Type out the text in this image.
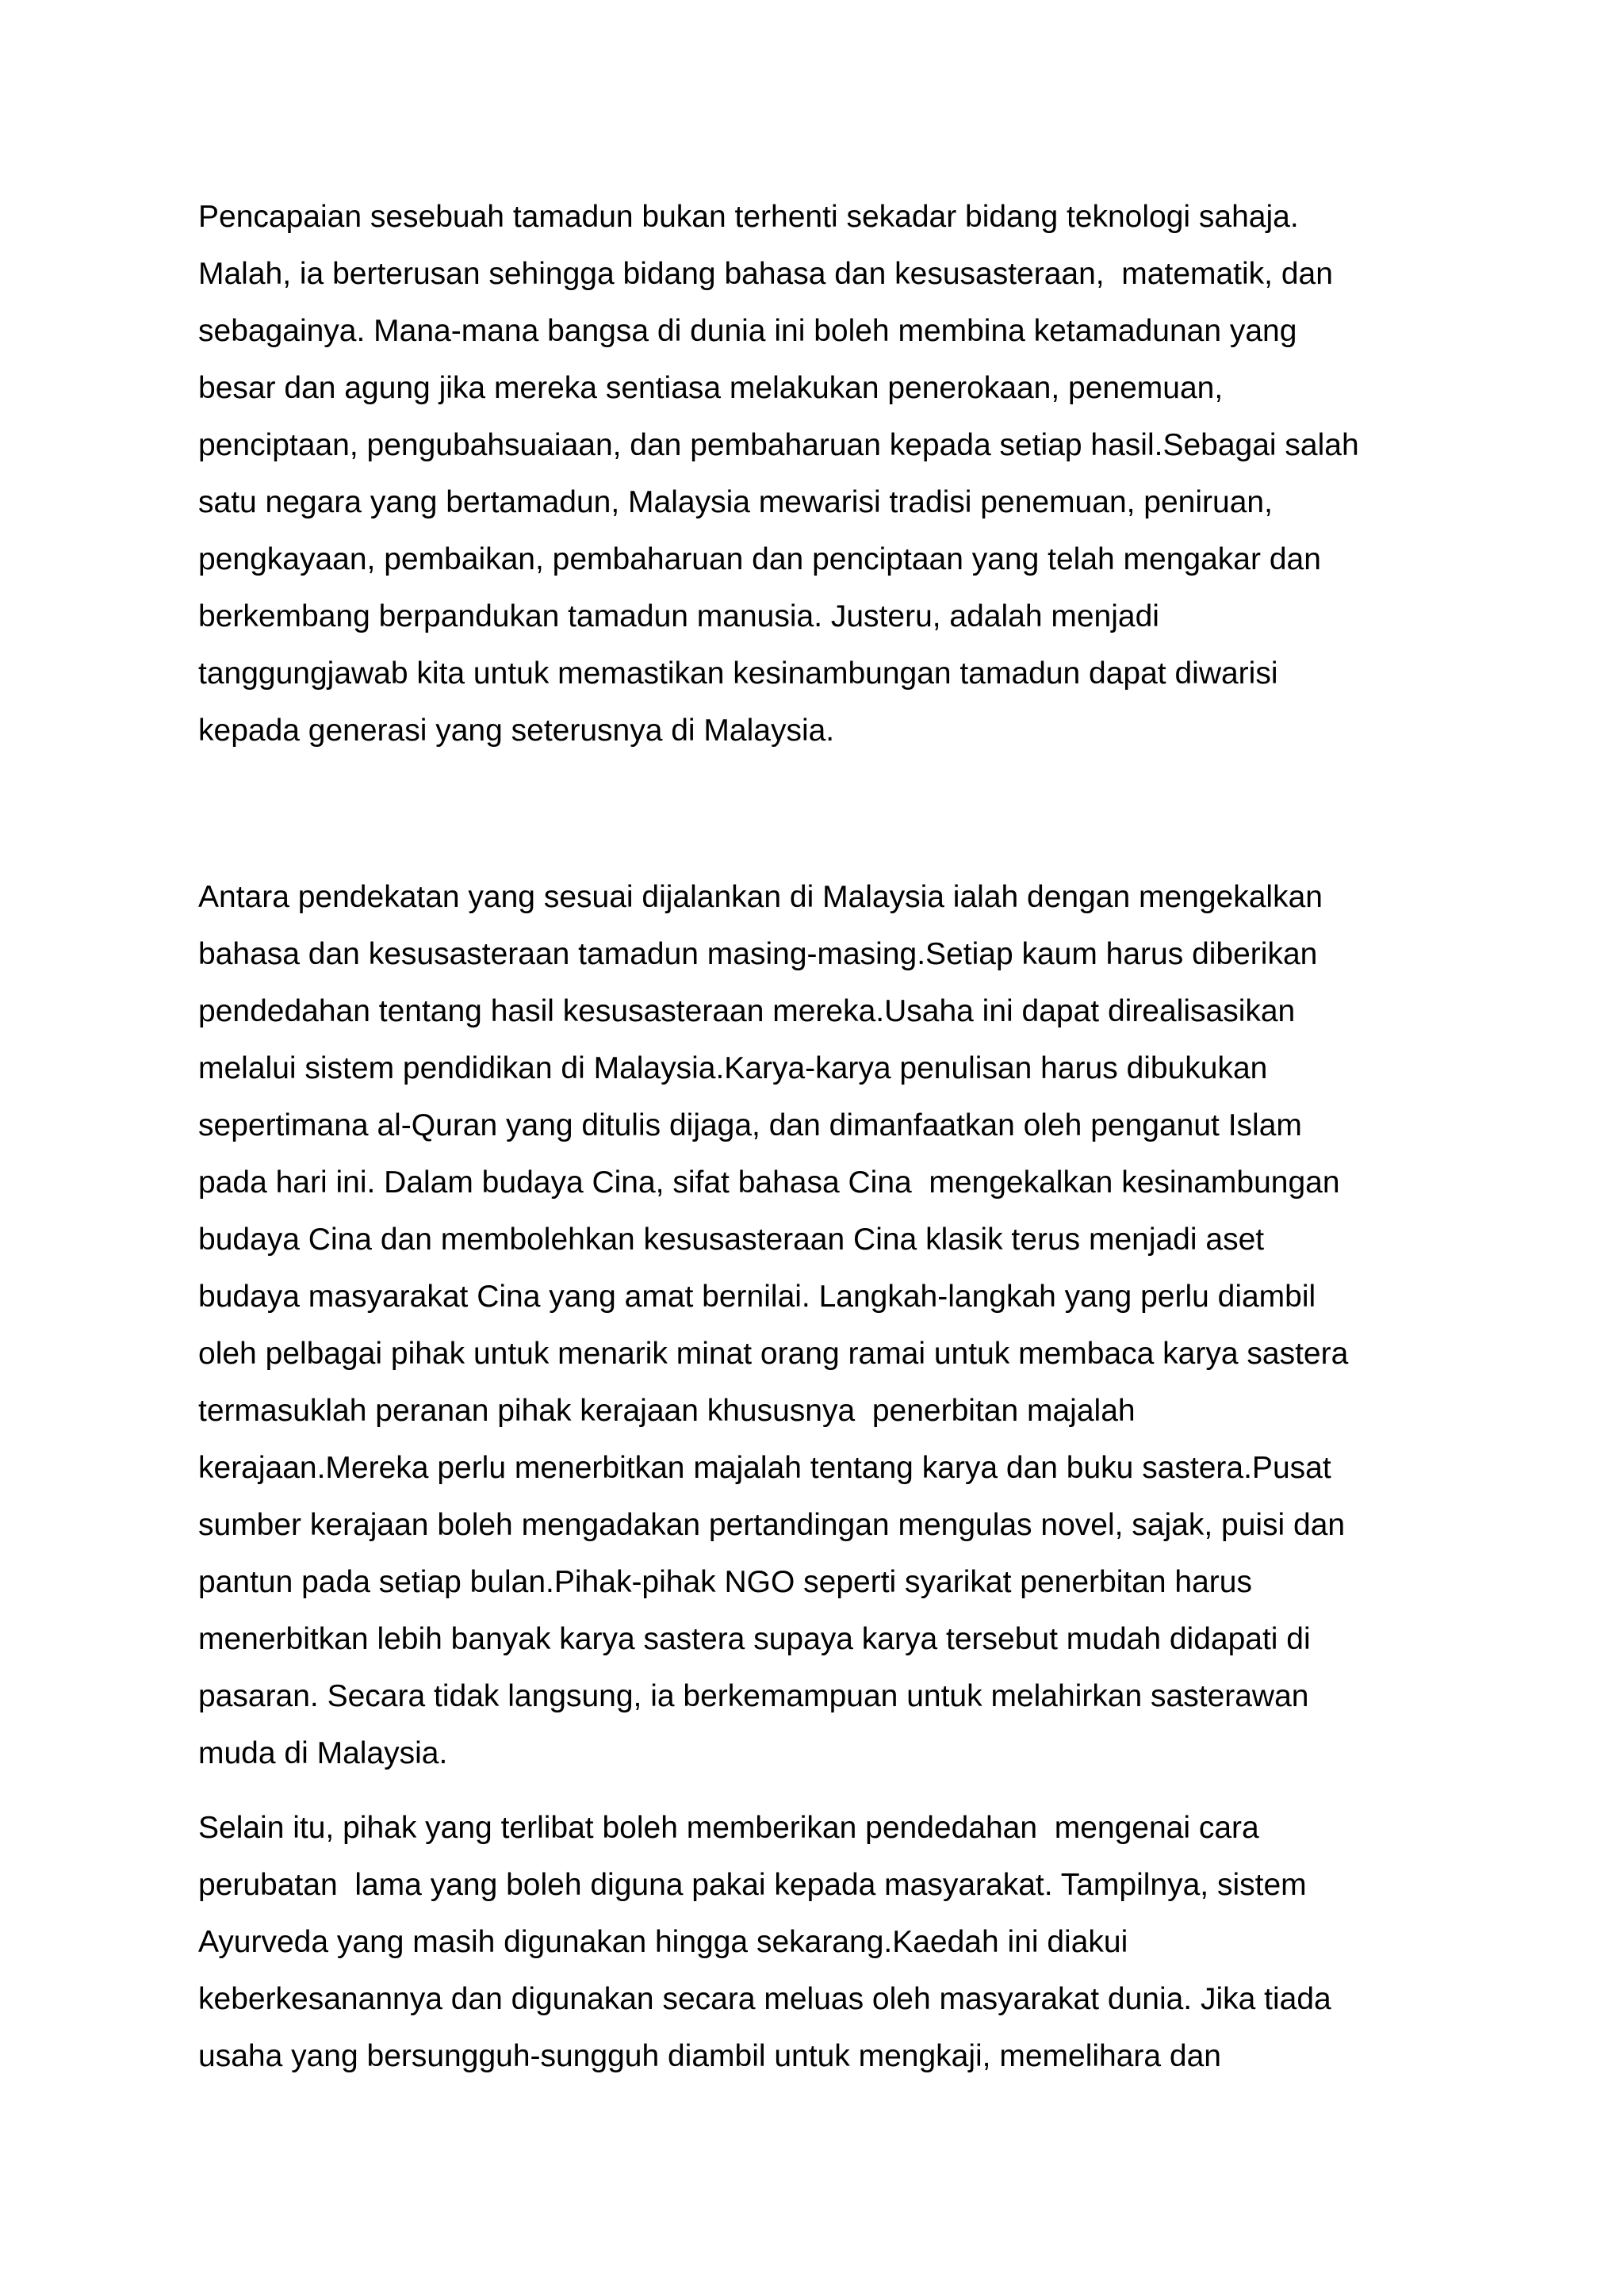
Pencapaian sesebuah tamadun bukan terhenti sekadar bidang teknologi sahaja.
Malah, ia berterusan sehingga bidang bahasa dan kesusasteraan,  matematik, dan
sebagainya. Mana-mana bangsa di dunia ini boleh membina ketamadunan yang
besar dan agung jika mereka sentiasa melakukan penerokaan, penemuan,
penciptaan, pengubahsuaiaan, dan pembaharuan kepada setiap hasil.Sebagai salah
satu negara yang bertamadun, Malaysia mewarisi tradisi penemuan, peniruan,
pengkayaan, pembaikan, pembaharuan dan penciptaan yang telah mengakar dan
berkembang berpandukan tamadun manusia. Justeru, adalah menjadi
tanggungjawab kita untuk memastikan kesinambungan tamadun dapat diwarisi
kepada generasi yang seterusnya di Malaysia.
Antara pendekatan yang sesuai dijalankan di Malaysia ialah dengan mengekalkan
bahasa dan kesusasteraan tamadun masing-masing.Setiap kaum harus diberikan
pendedahan tentang hasil kesusasteraan mereka.Usaha ini dapat direalisasikan
melalui sistem pendidikan di Malaysia.Karya-karya penulisan harus dibukukan
sepertimana al-Quran yang ditulis dijaga, dan dimanfaatkan oleh penganut Islam
pada hari ini. Dalam budaya Cina, sifat bahasa Cina  mengekalkan kesinambungan
budaya Cina dan membolehkan kesusasteraan Cina klasik terus menjadi aset
budaya masyarakat Cina yang amat bernilai. Langkah-langkah yang perlu diambil
oleh pelbagai pihak untuk menarik minat orang ramai untuk membaca karya sastera
termasuklah peranan pihak kerajaan khususnya  penerbitan majalah
kerajaan.Mereka perlu menerbitkan majalah tentang karya dan buku sastera.Pusat
sumber kerajaan boleh mengadakan pertandingan mengulas novel, sajak, puisi dan
pantun pada setiap bulan.Pihak-pihak NGO seperti syarikat penerbitan harus
menerbitkan lebih banyak karya sastera supaya karya tersebut mudah didapati di
pasaran. Secara tidak langsung, ia berkemampuan untuk melahirkan sasterawan
muda di Malaysia.
Selain itu, pihak yang terlibat boleh memberikan pendedahan  mengenai cara
perubatan  lama yang boleh diguna pakai kepada masyarakat. Tampilnya, sistem
Ayurveda yang masih digunakan hingga sekarang.Kaedah ini diakui
keberkesanannya dan digunakan secara meluas oleh masyarakat dunia. Jika tiada
usaha yang bersungguh-sungguh diambil untuk mengkaji, memelihara dan
